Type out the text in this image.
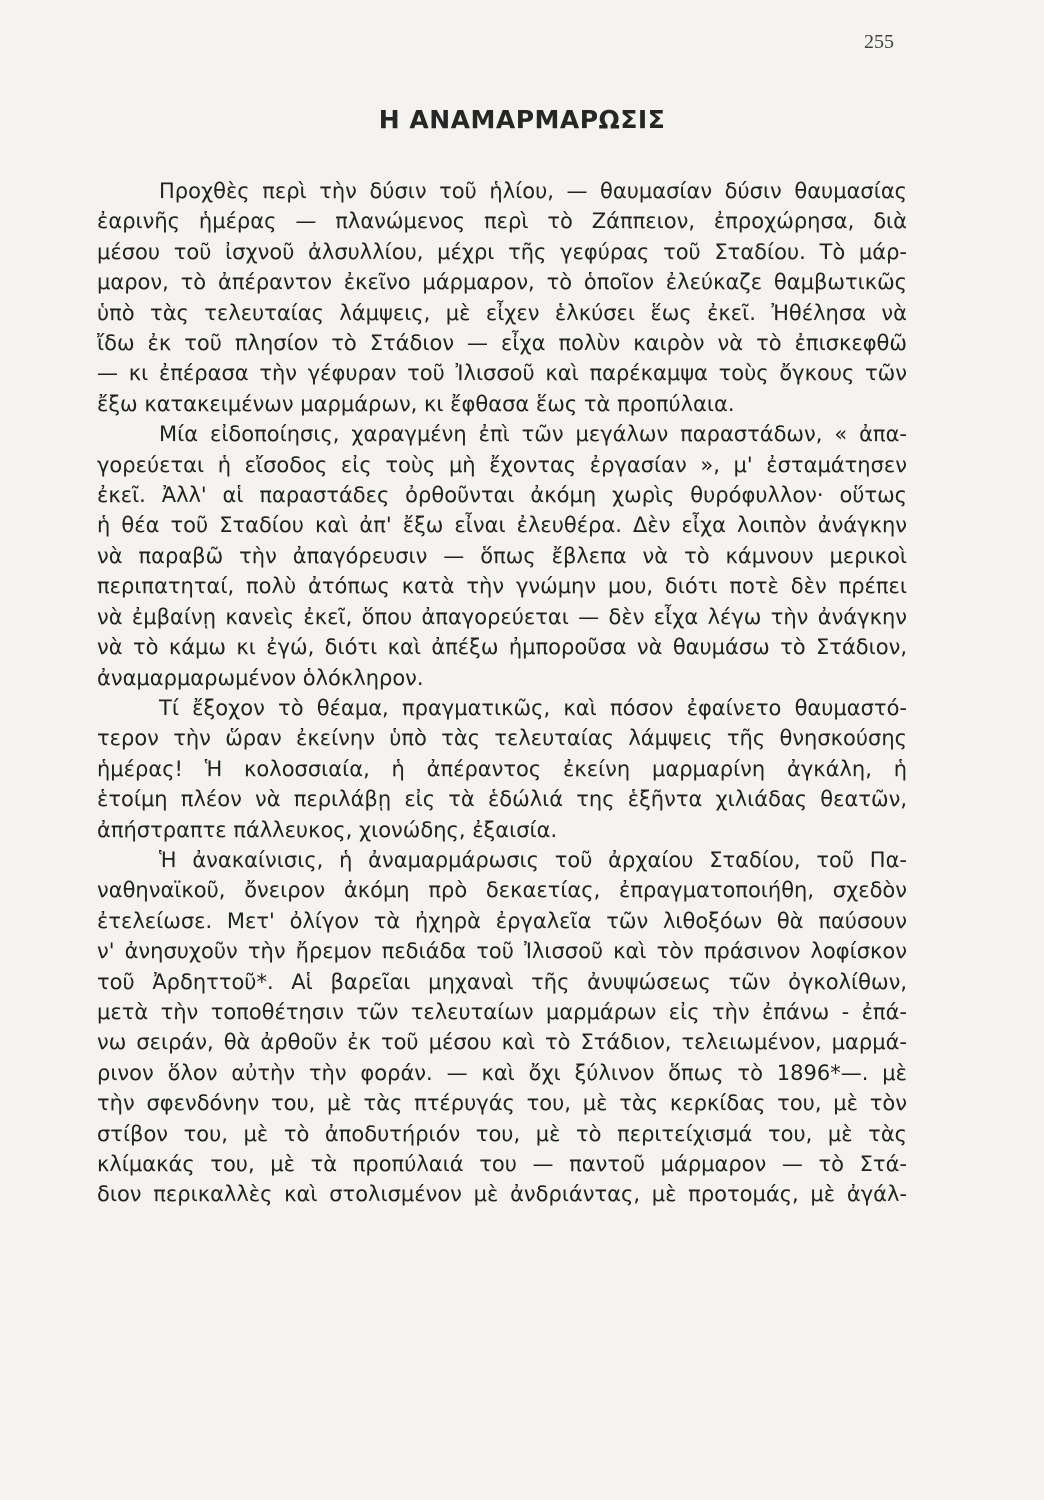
255
Η ΑΝΑΜΑΡΜΑΡΩΣΙΣ
Προχθὲς περὶ τὴν δύσιν τοῦ ἡλίου, — θαυμασίαν δύσιν θαυμασίας
ἐαρινῆς ἡμέρας — πλανώμενος περὶ τὸ Ζάππειον, ἐπροχώρησα, διὰ
μέσου τοῦ ἰσχνοῦ ἀλσυλλίου, μέχρι τῆς γεφύρας τοῦ Σταδίου. Τὸ μάρ-
μαρον, τὸ ἀπέραντον ἐκεῖνο μάρμαρον, τὸ ὁποῖον ἐλεύκαζε θαμβωτικῶς
ὑπὸ τὰς τελευταίας λάμψεις, μὲ εἶχεν ἑλκύσει ἕως ἐκεῖ. Ἠθέλησα νὰ
ἴδω ἐκ τοῦ πλησίον τὸ Στάδιον — εἶχα πολὺν καιρὸν νὰ τὸ ἐπισκεφθῶ
— κι ἐπέρασα τὴν γέφυραν τοῦ Ἰλισσοῦ καὶ παρέκαμψα τοὺς ὄγκους τῶν
ἔξω κατακειμένων μαρμάρων, κι ἔφθασα ἕως τὰ προπύλαια.
Μία εἰδοποίησις, χαραγμένη ἐπὶ τῶν μεγάλων παραστάδων, « ἀπα-
γορεύεται ἡ εἴσοδος εἰς τοὺς μὴ ἔχοντας ἐργασίαν », μ' ἐσταμάτησεν
ἐκεῖ. Ἀλλ' αἱ παραστάδες ὀρθοῦνται ἀκόμη χωρὶς θυρόφυλλον· οὕτως
ἡ θέα τοῦ Σταδίου καὶ ἀπ' ἔξω εἶναι ἐλευθέρα. Δὲν εἶχα λοιπὸν ἀνάγκην
νὰ παραβῶ τὴν ἀπαγόρευσιν — ὅπως ἔβλεπα νὰ τὸ κάμνουν μερικοὶ
περιπατηταί, πολὺ ἀτόπως κατὰ τὴν γνώμην μου, διότι ποτὲ δὲν πρέπει
νὰ ἐμβαίνῃ κανεὶς ἐκεῖ, ὅπου ἀπαγορεύεται — δὲν εἶχα λέγω τὴν ἀνάγκην
νὰ τὸ κάμω κι ἐγώ, διότι καὶ ἀπέξω ἠμποροῦσα νὰ θαυμάσω τὸ Στάδιον,
ἀναμαρμαρωμένον ὁλόκληρον.
Τί ἔξοχον τὸ θέαμα, πραγματικῶς, καὶ πόσον ἐφαίνετο θαυμαστό-
τερον τὴν ὥραν ἐκείνην ὑπὸ τὰς τελευταίας λάμψεις τῆς θνησκούσης
ἡμέρας! Ἡ κολοσσιαία, ἡ ἀπέραντος ἐκείνη μαρμαρίνη ἀγκάλη, ἡ
ἑτοίμη πλέον νὰ περιλάβῃ εἰς τὰ ἑδώλιά της ἑξῆντα χιλιάδας θεατῶν,
ἀπήστραπτε πάλλευκος, χιονώδης, ἐξαισία.
Ἡ ἀνακαίνισις, ἡ ἀναμαρμάρωσις τοῦ ἀρχαίου Σταδίου, τοῦ Πα-
ναθηναϊκοῦ, ὄνειρον ἀκόμη πρὸ δεκαετίας, ἐπραγματοποιήθη, σχεδὸν
ἐτελείωσε. Μετ' ὀλίγον τὰ ἠχηρὰ ἐργαλεῖα τῶν λιθοξόων θὰ παύσουν
ν' ἀνησυχοῦν τὴν ἤρεμον πεδιάδα τοῦ Ἰλισσοῦ καὶ τὸν πράσινον λοφίσκον
τοῦ Ἀρδηττοῦ*. Αἱ βαρεῖαι μηχαναὶ τῆς ἀνυψώσεως τῶν ὀγκολίθων,
μετὰ τὴν τοποθέτησιν τῶν τελευταίων μαρμάρων εἰς τὴν ἐπάνω - ἐπά-
νω σειράν, θὰ ἀρθοῦν ἐκ τοῦ μέσου καὶ τὸ Στάδιον, τελειωμένον, μαρμά-
ρινον ὅλον αὐτὴν τὴν φοράν. — καὶ ὄχι ξύλινον ὅπως τὸ 1896*—. μὲ
τὴν σφενδόνην του, μὲ τὰς πτέρυγάς του, μὲ τὰς κερκίδας του, μὲ τὸν
στίβον του, μὲ τὸ ἀποδυτήριόν του, μὲ τὸ περιτείχισμά του, μὲ τὰς
κλίμακάς του, μὲ τὰ προπύλαιά του — παντοῦ μάρμαρον — τὸ Στά-
διον περικαλλὲς καὶ στολισμένον μὲ ἀνδριάντας, μὲ προτομάς, μὲ ἀγάλ-
